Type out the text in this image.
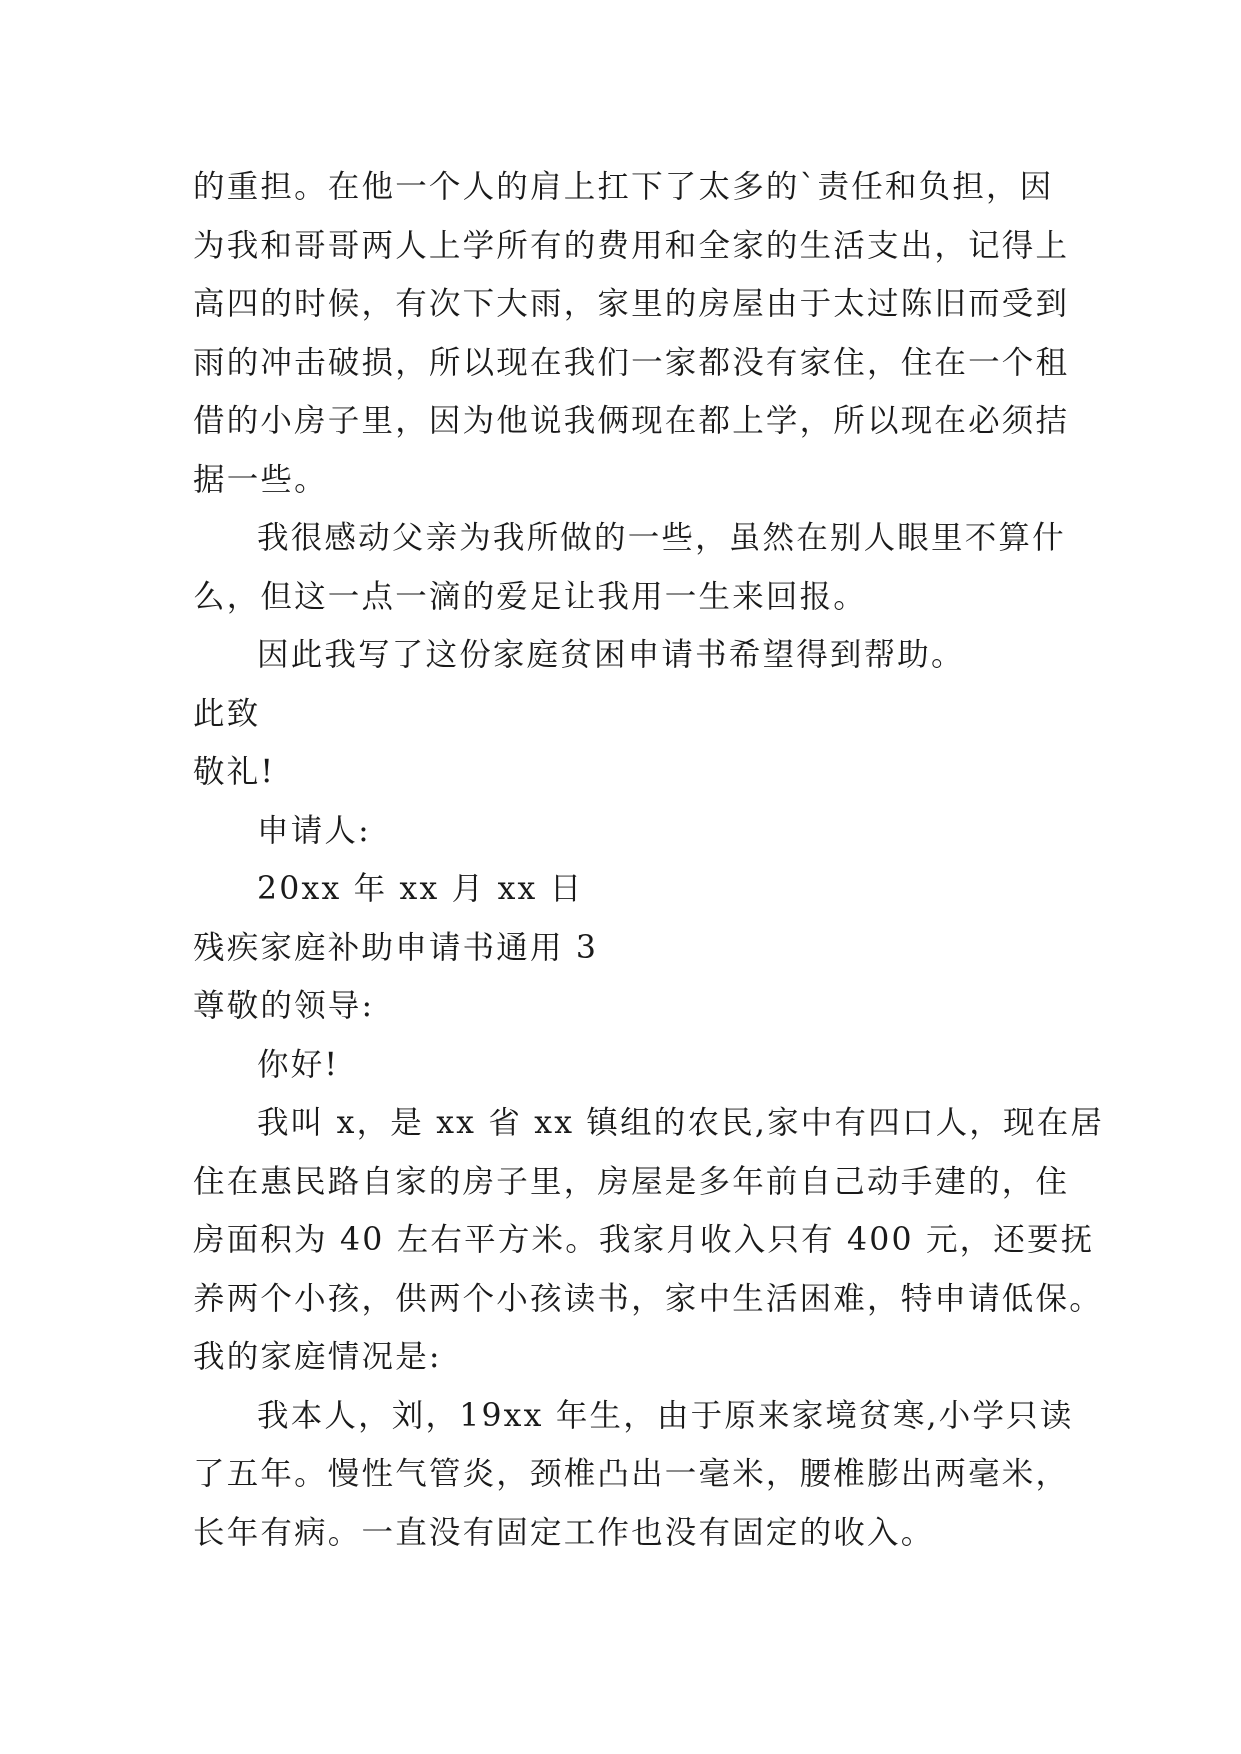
的重担。在他一个人的肩上扛下了太多的`责任和负担，因
为我和哥哥两人上学所有的费用和全家的生活支出，记得上
高四的时候，有次下大雨，家里的房屋由于太过陈旧而受到
雨的冲击破损，所以现在我们一家都没有家住，住在一个租
借的小房子里，因为他说我俩现在都上学，所以现在必须拮
据一些。
我很感动父亲为我所做的一些，虽然在别人眼里不算什
么，但这一点一滴的爱足让我用一生来回报。
因此我写了这份家庭贫困申请书希望得到帮助。
此致
敬礼!
申请人:
20xx 年 xx 月 xx 日
残疾家庭补助申请书通用 3
尊敬的领导:
你好!
我叫 x，是 xx 省 xx 镇组的农民,家中有四口人，现在居
住在惠民路自家的房子里，房屋是多年前自己动手建的，住
房面积为 40 左右平方米。我家月收入只有 400 元，还要抚
养两个小孩，供两个小孩读书，家中生活困难，特申请低保。
我的家庭情况是:
我本人，刘，19xx 年生，由于原来家境贫寒,小学只读
了五年。慢性气管炎，颈椎凸出一毫米，腰椎膨出两毫米，
长年有病。一直没有固定工作也没有固定的收入。
